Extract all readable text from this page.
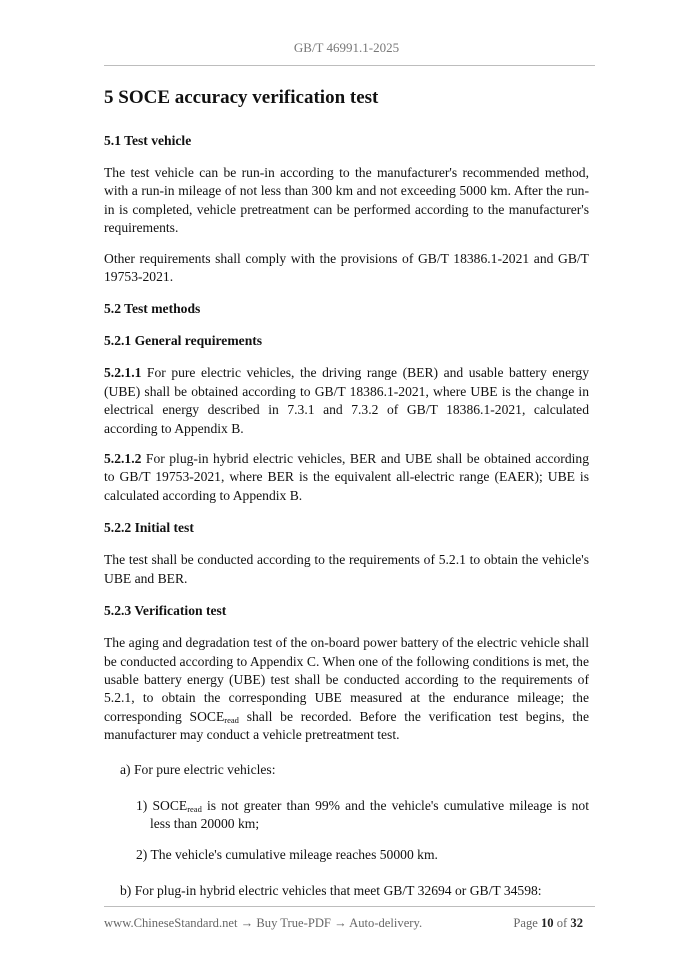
GB/T 46991.1-2025
5 SOCE accuracy verification test
5.1 Test vehicle

The test vehicle can be run-in according to the manufacturer's recommended method, with a run-in mileage of not less than 300 km and not exceeding 5000 km. After the run-in is completed, vehicle pretreatment can be performed according to the manufacturer's requirements.

Other requirements shall comply with the provisions of GB/T 18386.1-2021 and GB/T 19753-2021.

5.2 Test methods
5.2.1 General requirements

5.2.1.1 For pure electric vehicles, the driving range (BER) and usable battery energy (UBE) shall be obtained according to GB/T 18386.1-2021, where UBE is the change in electrical energy described in 7.3.1 and 7.3.2 of GB/T 18386.1-2021, calculated according to Appendix B.

5.2.1.2 For plug-in hybrid electric vehicles, BER and UBE shall be obtained according to GB/T 19753-2021, where BER is the equivalent all-electric range (EAER); UBE is calculated according to Appendix B.

5.2.2 Initial test

The test shall be conducted according to the requirements of 5.2.1 to obtain the vehicle's UBE and BER.

5.2.3 Verification test

The aging and degradation test of the on-board power battery of the electric vehicle shall be conducted according to Appendix C. When one of the following conditions is met, the usable battery energy (UBE) test shall be conducted according to the requirements of 5.2.1, to obtain the corresponding UBE measured at the endurance mileage; the corresponding $SOCE_{read}$ shall be recorded. Before the verification test begins, the manufacturer may conduct a vehicle pretreatment test.

a) For pure electric vehicles:
1) $SOCE_{read}$ is not greater than 99% and the vehicle's cumulative mileage is not less than 20000 km;
2) The vehicle's cumulative mileage reaches 50000 km.
b) For plug-in hybrid electric vehicles that meet GB/T 32694 or GB/T 34598:
www.ChineseStandard.net → Buy True-PDF → Auto-delivery.	Page 10 of 32
